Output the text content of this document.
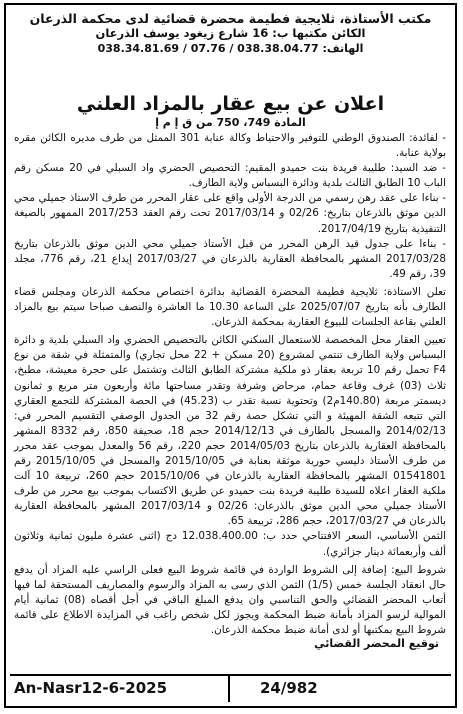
مكتب الأستاذة، ثلايجية فطيمة محضرة قضائية لدى محكمة الذرعان
الكائن مكتبها ب: 16 شارع زيغود يوسف الذرعان
الهاتف: 038.34.81.69 / 07.76 / 038.38.04.77
اعلان عن بيع عقار بالمزاد العلني
المادة 749، 750 من ق إ م إ

- لفائدة: الصندوق الوطني للتوفير والاحتياط وكالة عنابة 301 الممثل من طرف مديره الكائن مقره بولاية عنابة.

- ضد السيد: طليبة فريدة بنت حميدو المقيم: التحصيص الحضري واد السبلي في 20 مسكن رقم الباب 10 الطابق الثالث بلدية ودائرة البسباس ولاية الطارف.

- بناءا على عقد رهن رسمي من الدرجة الأولى واقع على عقار المحرر من طرف الاستاذ جميلي محي الدين موثق بالذرعان بتاريخ: 02/26 و 2017/03/14 تحت رقم العقد 2017/253 الممهور بالصيغة التنفيذية بتاريخ 2017/04/19.

- بناءا على جدول قيد الرهن المحرر من قبل الأستاذ جميلي محي الدين موثق بالذرعان بتاريخ 2017/03/28 المشهر بالمحافظة العقارية بالذرعان في 2017/03/27 إيداع 21، رقم 776، مجلد 39، رقم 49.

تعلن الاستاذة: ثلايجية فطيمة المحضرة القضائية بدائرة اختصاص محكمة الذرعان ومجلس قضاء الطارف بأنه بتاريخ 2025/07/07 على الساعة 10.30 ما العاشرة والنصف صباحا سيتم بيع بالمزاد العلني بقاعة الجلسات للبيوع العقارية بمحكمة الذرعان.

تعيين العقار محل المخصصة للاستعمال السكني الكائن بالتحصيص الحضري واد السبلي بلدية و دائرة البسباس ولاية الطارف تنتمي لمشروع (20 مسكن + 22 محل تجاري) والمتمثلة في شقة من نوع F4 تحمل رقم 10 تربعة بعقار ذو ملكية مشتركة الطابق الثالث وتشتمل على حجرة معيشة، مطبخ، ثلاث (03) غرف وقاعة حمام، مرحاض وشرفة وتقدر مساحتها مائة وأربعون متر مربع و ثمانون ديسمتر مربعة (140.80م2) وتحتوية نسبة تقدر ب (45.23) في الحصة المشتركة للتجمع العقاري التي تتبعه الشقة المهيئة و التي تشكل حصة رقم 32 من الجدول الوصفي التقسيم المحرر في: 2014/02/13 والمسجل بالطارف في 2014/12/13 حجم 18، صحيفة 850، رقم 8332 المشهر بالمحافظة العقارية بالذرعان بتاريخ 2014/05/03 حجم 220، رقم 56 والمعدل بموجب عقد محرر من طرف الأستاذ دليسي حورية موثقة بعنابة في 2015/10/05 والمسجل في 2015/10/05 رقم 01541801 المشهر بالمحافظة العقارية بالذرعان في 2015/10/06 حجم 260، تربيعة 10 آلت ملكية العقار اعلاه للسيدة طليبة فريدة بنت حميدو عن طريق الاكتساب بموجب بيع محرر من طرف الأستاذ جميلي محي الدين موثق بالذرعان: 02/26 و 2017/03/14 المشهر بالمحافظة العقارية بالذرعان في 2017/03/27، حجم 286، تربيعة 65.

الثمن الأساسي، السعر الافتتاحي حدد ب: 12.038.400.00 دج (اثنى عشرة مليون ثمانية وثلاثون ألف وأربعمائة دينار جزائري).

شروط البيع: إضافة إلى الشروط الواردة في قائمة شروط البيع فعلى الراسي عليه المزاد أن يدفع حال انعقاد الجلسة خمس (1/5) الثمن الذي رسى به المزاد والرسوم والمصاريف المستحقة لما فيها أتعاب المحضر القضائي والحق التناسبي وان يدفع المبلغ الباقي في أجل أقصاه (08) ثمانية أيام الموالية لرسو المزاد بأمانة ضبط المحكمة ويجوز لكل شخص راغب في المزايدة الاطلاع على قائمة شروط البيع بمكتبها أو لدى أمانة ضبط محكمة الذرعان.

توقيع المحضر القضائي
An-Nasr12-6-2025	24/982
